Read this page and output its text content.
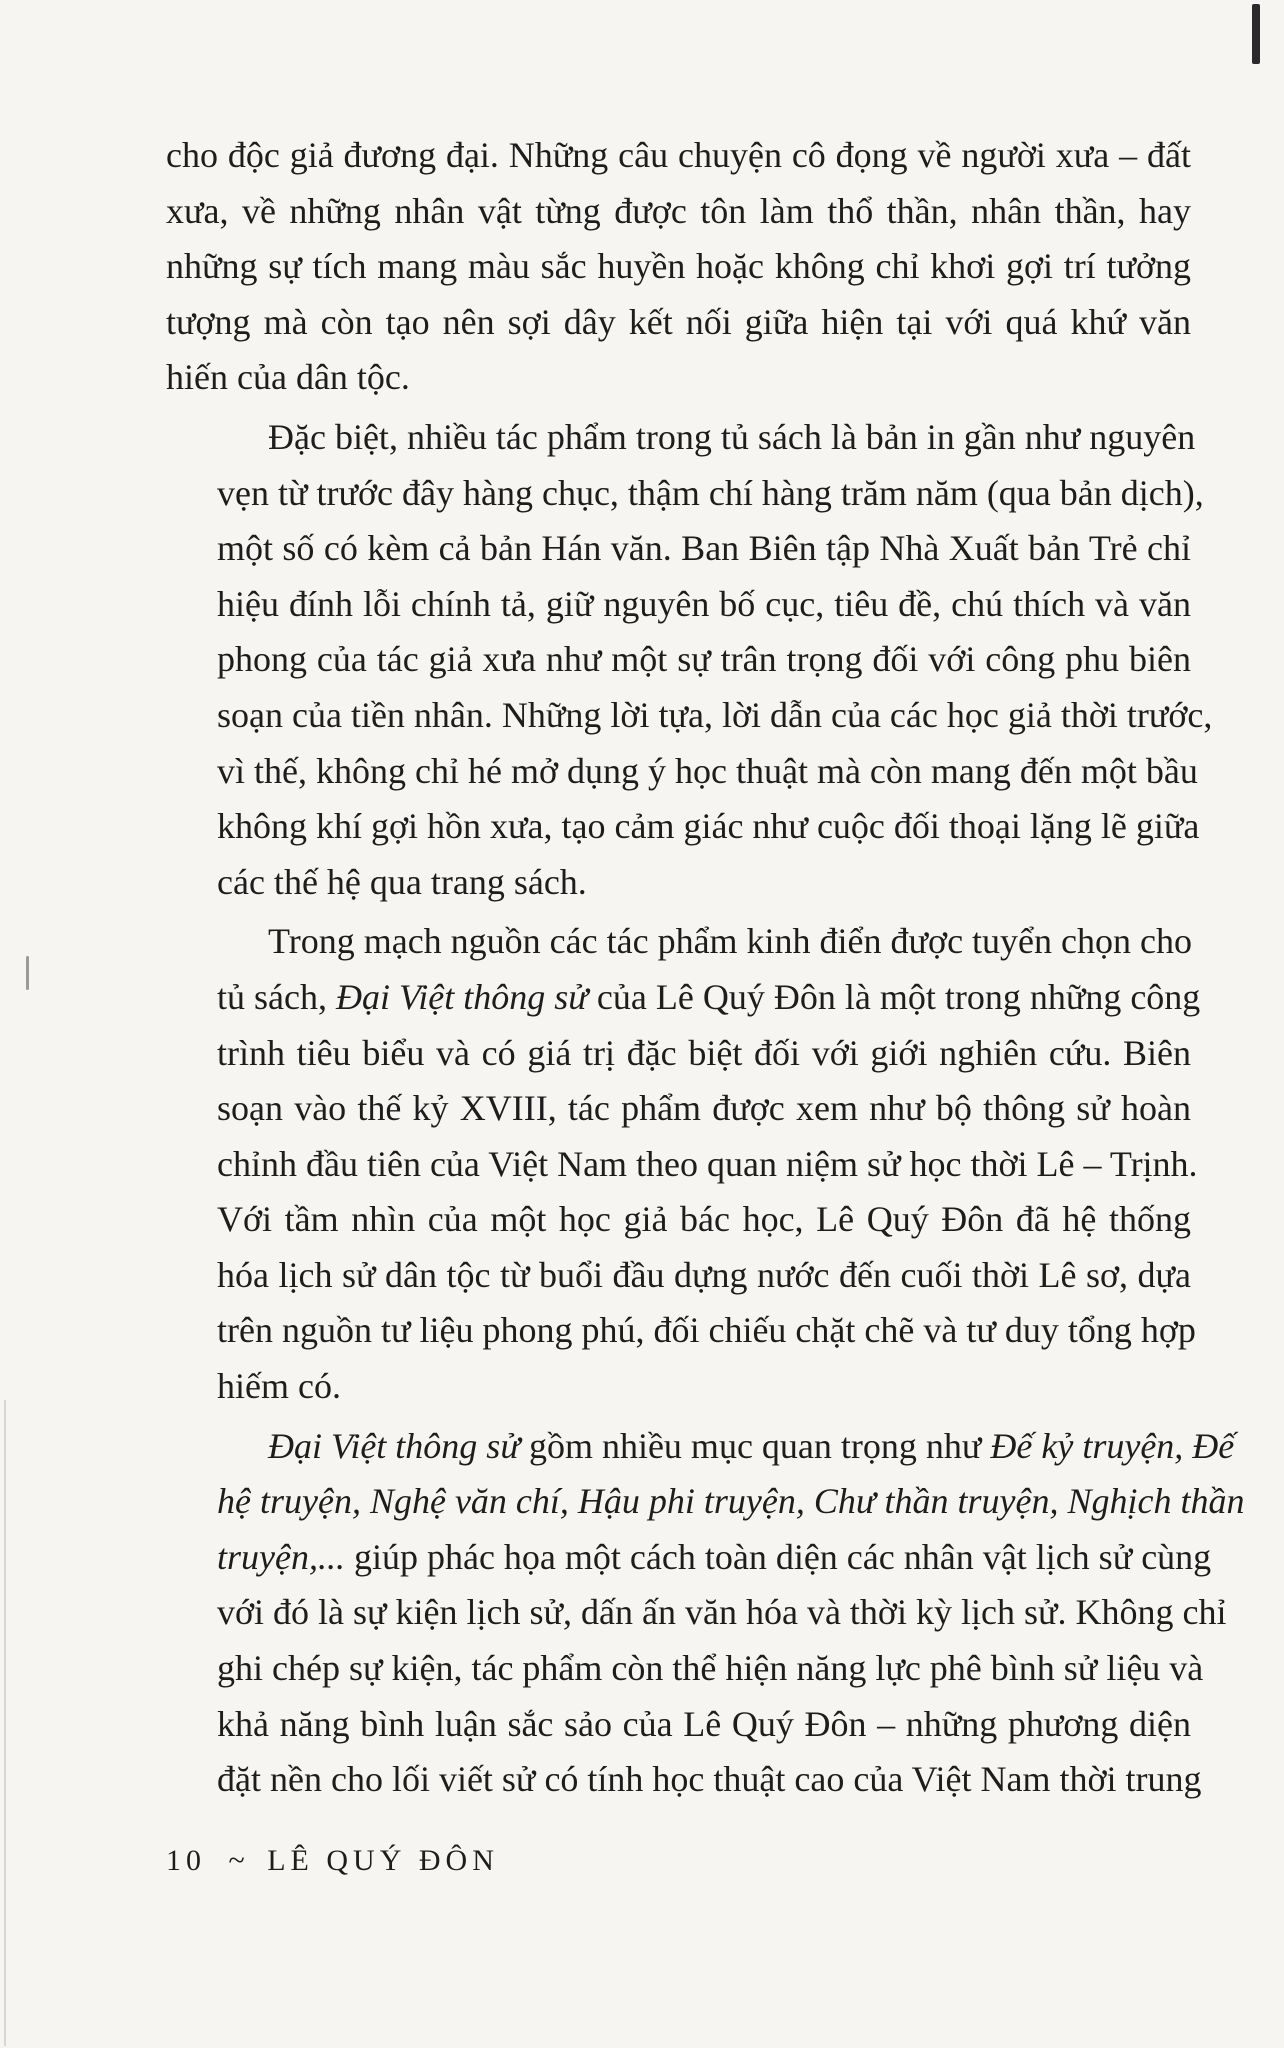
cho độc giả đương đại. Những câu chuyện cô đọng về người xưa – đất
xưa, về những nhân vật từng được tôn làm thổ thần, nhân thần, hay
những sự tích mang màu sắc huyền hoặc không chỉ khơi gợi trí tưởng
tượng mà còn tạo nên sợi dây kết nối giữa hiện tại với quá khứ văn
hiến của dân tộc.
Đặc biệt, nhiều tác phẩm trong tủ sách là bản in gần như nguyên
vẹn từ trước đây hàng chục, thậm chí hàng trăm năm (qua bản dịch),
một số có kèm cả bản Hán văn. Ban Biên tập Nhà Xuất bản Trẻ chỉ
hiệu đính lỗi chính tả, giữ nguyên bố cục, tiêu đề, chú thích và văn
phong của tác giả xưa như một sự trân trọng đối với công phu biên
soạn của tiền nhân. Những lời tựa, lời dẫn của các học giả thời trước,
vì thế, không chỉ hé mở dụng ý học thuật mà còn mang đến một bầu
không khí gợi hồn xưa, tạo cảm giác như cuộc đối thoại lặng lẽ giữa
các thế hệ qua trang sách.
Trong mạch nguồn các tác phẩm kinh điển được tuyển chọn cho
tủ sách, Đại Việt thông sử của Lê Quý Đôn là một trong những công
trình tiêu biểu và có giá trị đặc biệt đối với giới nghiên cứu. Biên
soạn vào thế kỷ XVIII, tác phẩm được xem như bộ thông sử hoàn
chỉnh đầu tiên của Việt Nam theo quan niệm sử học thời Lê – Trịnh.
Với tầm nhìn của một học giả bác học, Lê Quý Đôn đã hệ thống
hóa lịch sử dân tộc từ buổi đầu dựng nước đến cuối thời Lê sơ, dựa
trên nguồn tư liệu phong phú, đối chiếu chặt chẽ và tư duy tổng hợp
hiếm có.
Đại Việt thông sử gồm nhiều mục quan trọng như Đế kỷ truyện, Đế
hệ truyện, Nghệ văn chí, Hậu phi truyện, Chư thần truyện, Nghịch thần
truyện,... giúp phác họa một cách toàn diện các nhân vật lịch sử cùng
với đó là sự kiện lịch sử, dấn ấn văn hóa và thời kỳ lịch sử. Không chỉ
ghi chép sự kiện, tác phẩm còn thể hiện năng lực phê bình sử liệu và
khả năng bình luận sắc sảo của Lê Quý Đôn – những phương diện
đặt nền cho lối viết sử có tính học thuật cao của Việt Nam thời trung
10 ~ LÊ QUÝ ĐÔN
